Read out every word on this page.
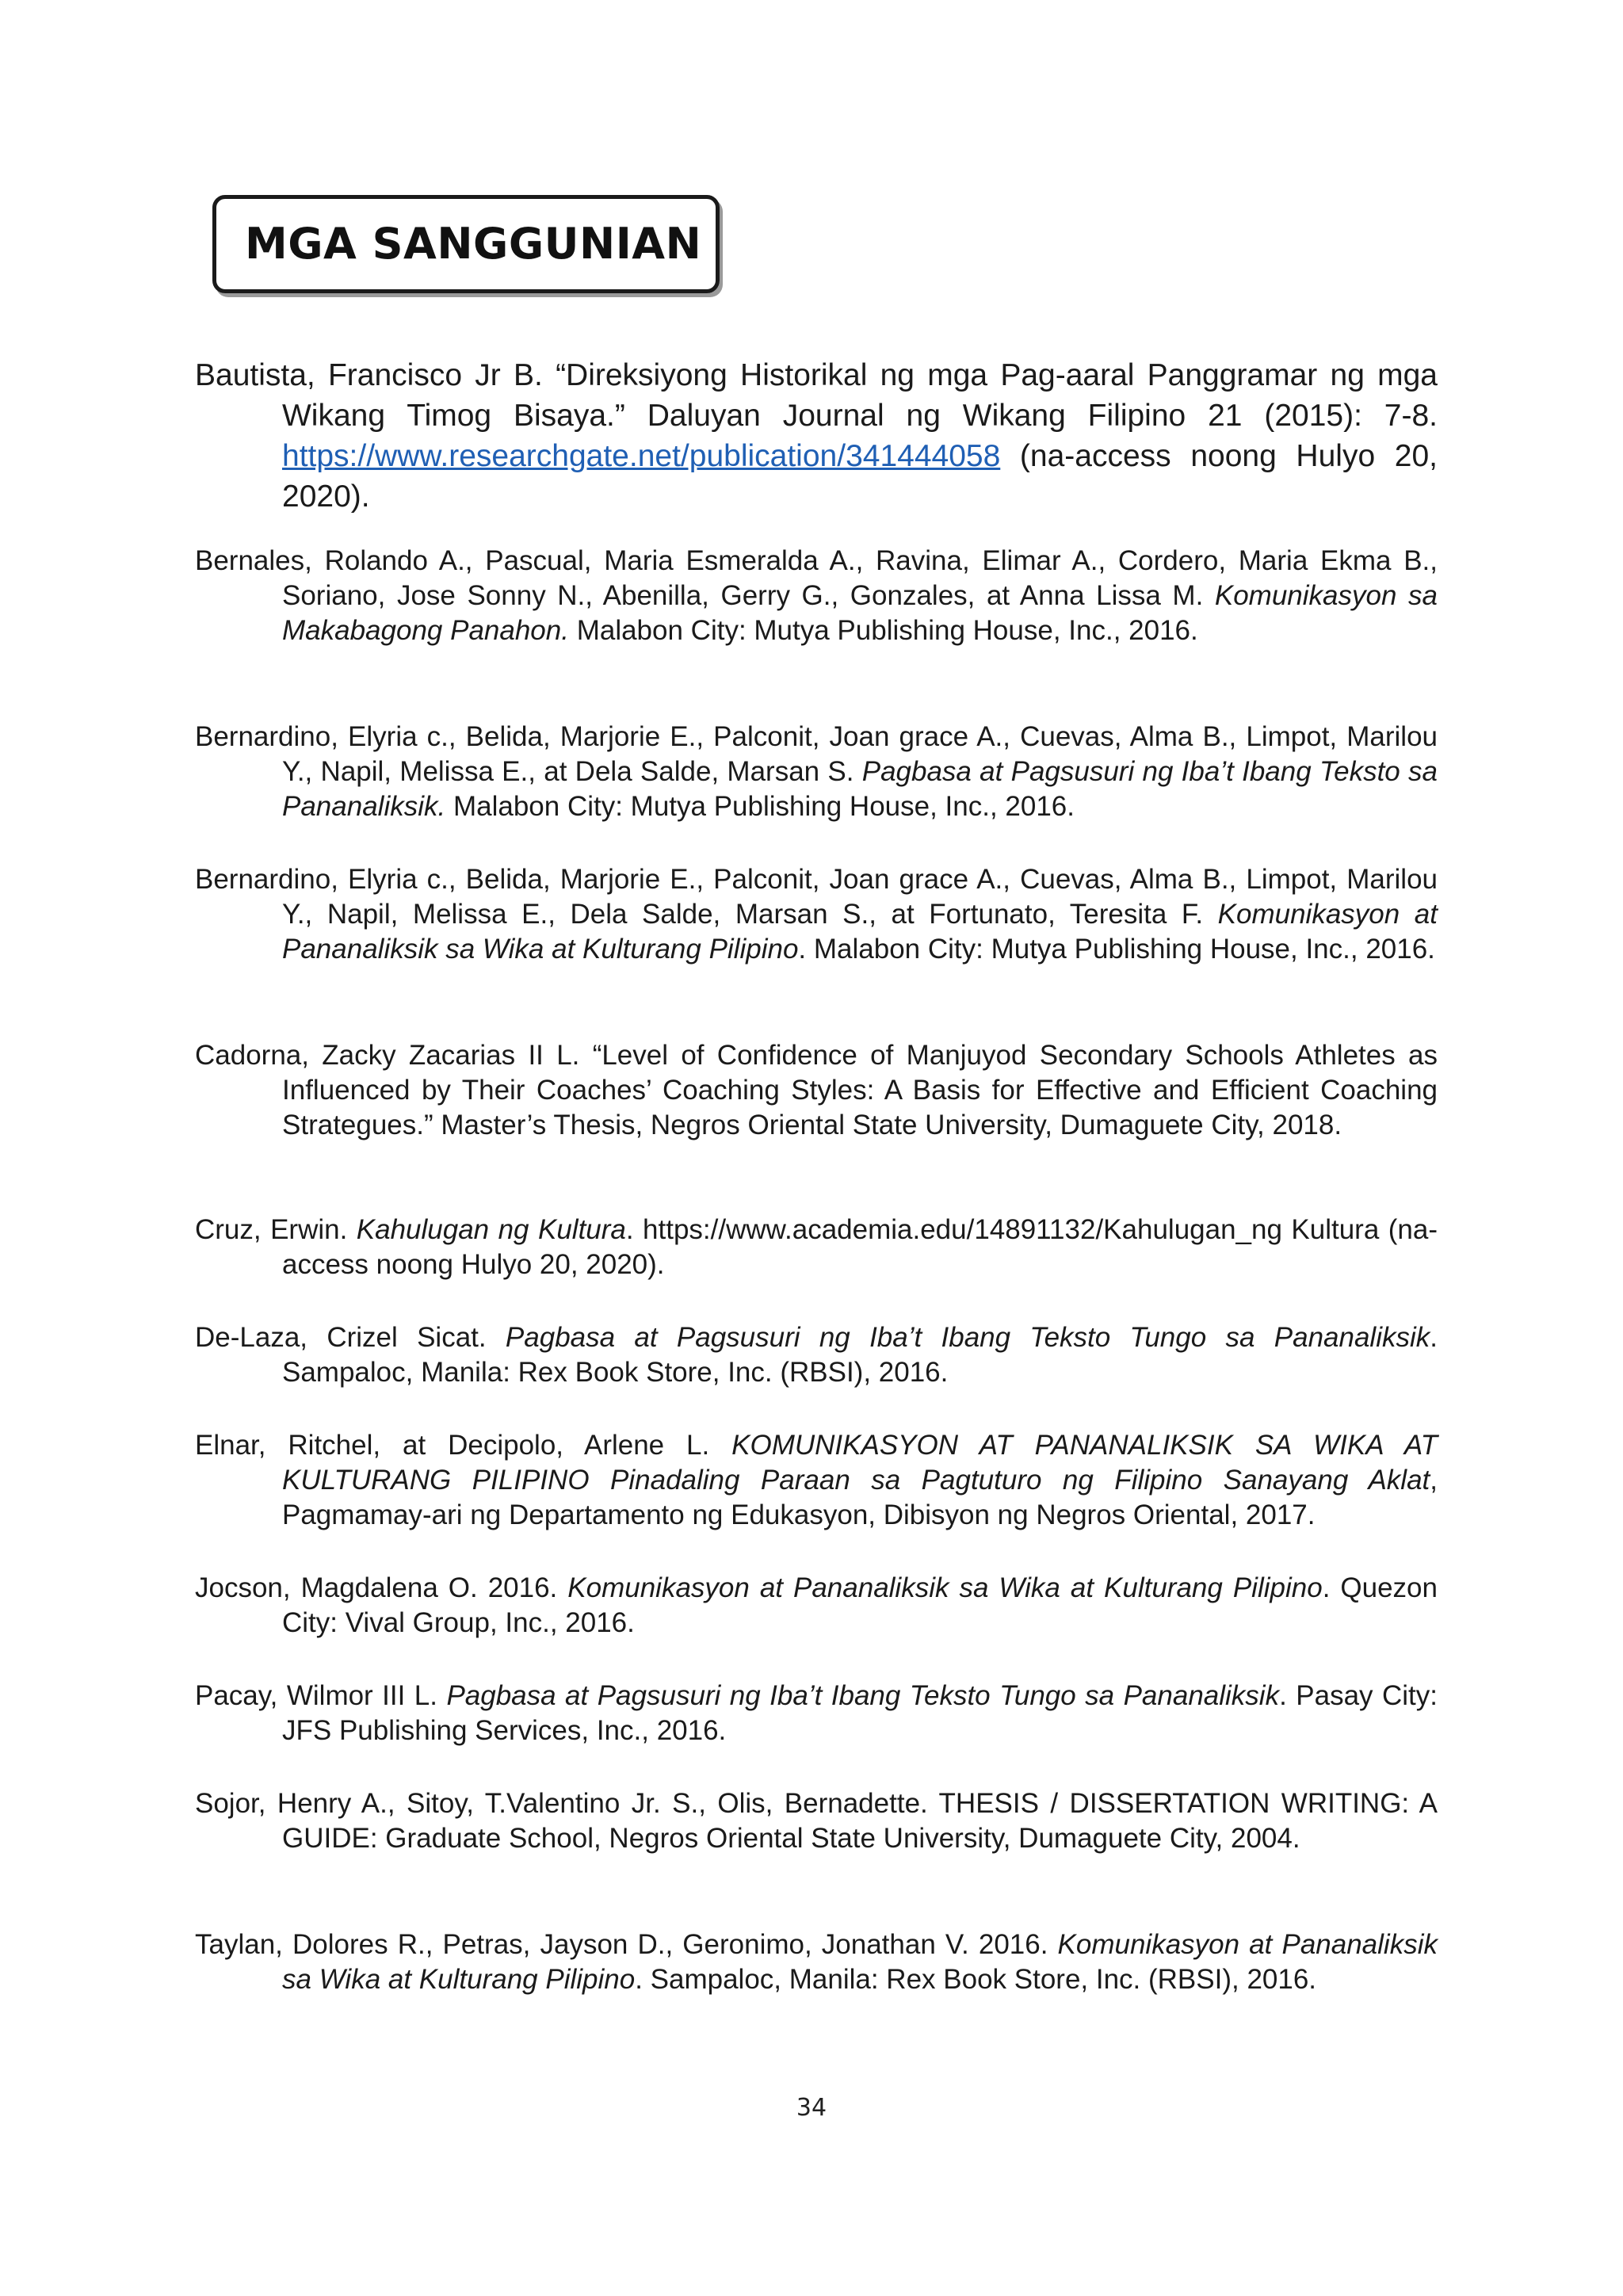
MGA SANGGUNIAN
Bautista, Francisco Jr B. “Direksiyong Historikal ng mga Pag-aaral Panggramar ng mga Wikang Timog Bisaya.” Daluyan Journal ng Wikang Filipino 21 (2015): 7-8. https://www.researchgate.net/publication/341444058 (na-access noong Hulyo 20, 2020).
Bernales, Rolando A., Pascual, Maria Esmeralda A., Ravina, Elimar A., Cordero, Maria Ekma B., Soriano, Jose Sonny N., Abenilla, Gerry G., Gonzales, at Anna Lissa M. Komunikasyon sa Makabagong Panahon. Malabon City: Mutya Publishing House, Inc., 2016.
Bernardino, Elyria c., Belida, Marjorie E., Palconit, Joan grace A., Cuevas, Alma B., Limpot, Marilou Y., Napil, Melissa E., at Dela Salde, Marsan S. Pagbasa at Pagsusuri ng Iba’t Ibang Teksto sa Pananaliksik. Malabon City: Mutya Publishing House, Inc., 2016.
Bernardino, Elyria c., Belida, Marjorie E., Palconit, Joan grace A., Cuevas, Alma B., Limpot, Marilou Y., Napil, Melissa E., Dela Salde, Marsan S., at Fortunato, Teresita F. Komunikasyon at Pananaliksik sa Wika at Kulturang Pilipino. Malabon City: Mutya Publishing House, Inc., 2016.
Cadorna, Zacky Zacarias II L. “Level of Confidence of Manjuyod Secondary Schools Athletes as Influenced by Their Coaches’ Coaching Styles: A Basis for Effective and Efficient Coaching Strategues.” Master’s Thesis, Negros Oriental State University, Dumaguete City, 2018.
Cruz, Erwin. Kahulugan ng Kultura. https://www.academia.edu/14891132/Kahulugan_ng Kultura (na-access noong Hulyo 20, 2020).
De-Laza, Crizel Sicat. Pagbasa at Pagsusuri ng Iba’t Ibang Teksto Tungo sa Pananaliksik. Sampaloc, Manila: Rex Book Store, Inc. (RBSI), 2016.
Elnar, Ritchel, at Decipolo, Arlene L. KOMUNIKASYON AT PANANALIKSIK SA WIKA AT KULTURANG PILIPINO Pinadaling Paraan sa Pagtuturo ng Filipino Sanayang Aklat, Pagmamay-ari ng Departamento ng Edukasyon, Dibisyon ng Negros Oriental, 2017.
Jocson, Magdalena O. 2016. Komunikasyon at Pananaliksik sa Wika at Kulturang Pilipino. Quezon City: Vival Group, Inc., 2016.
Pacay, Wilmor III L. Pagbasa at Pagsusuri ng Iba’t Ibang Teksto Tungo sa Pananaliksik. Pasay City: JFS Publishing Services, Inc., 2016.
Sojor, Henry A., Sitoy, T.Valentino Jr. S., Olis, Bernadette. THESIS / DISSERTATION WRITING: A GUIDE: Graduate School, Negros Oriental State University, Dumaguete City, 2004.
Taylan, Dolores R., Petras, Jayson D., Geronimo, Jonathan V. 2016. Komunikasyon at Pananaliksik sa Wika at Kulturang Pilipino. Sampaloc, Manila: Rex Book Store, Inc. (RBSI), 2016.
34
